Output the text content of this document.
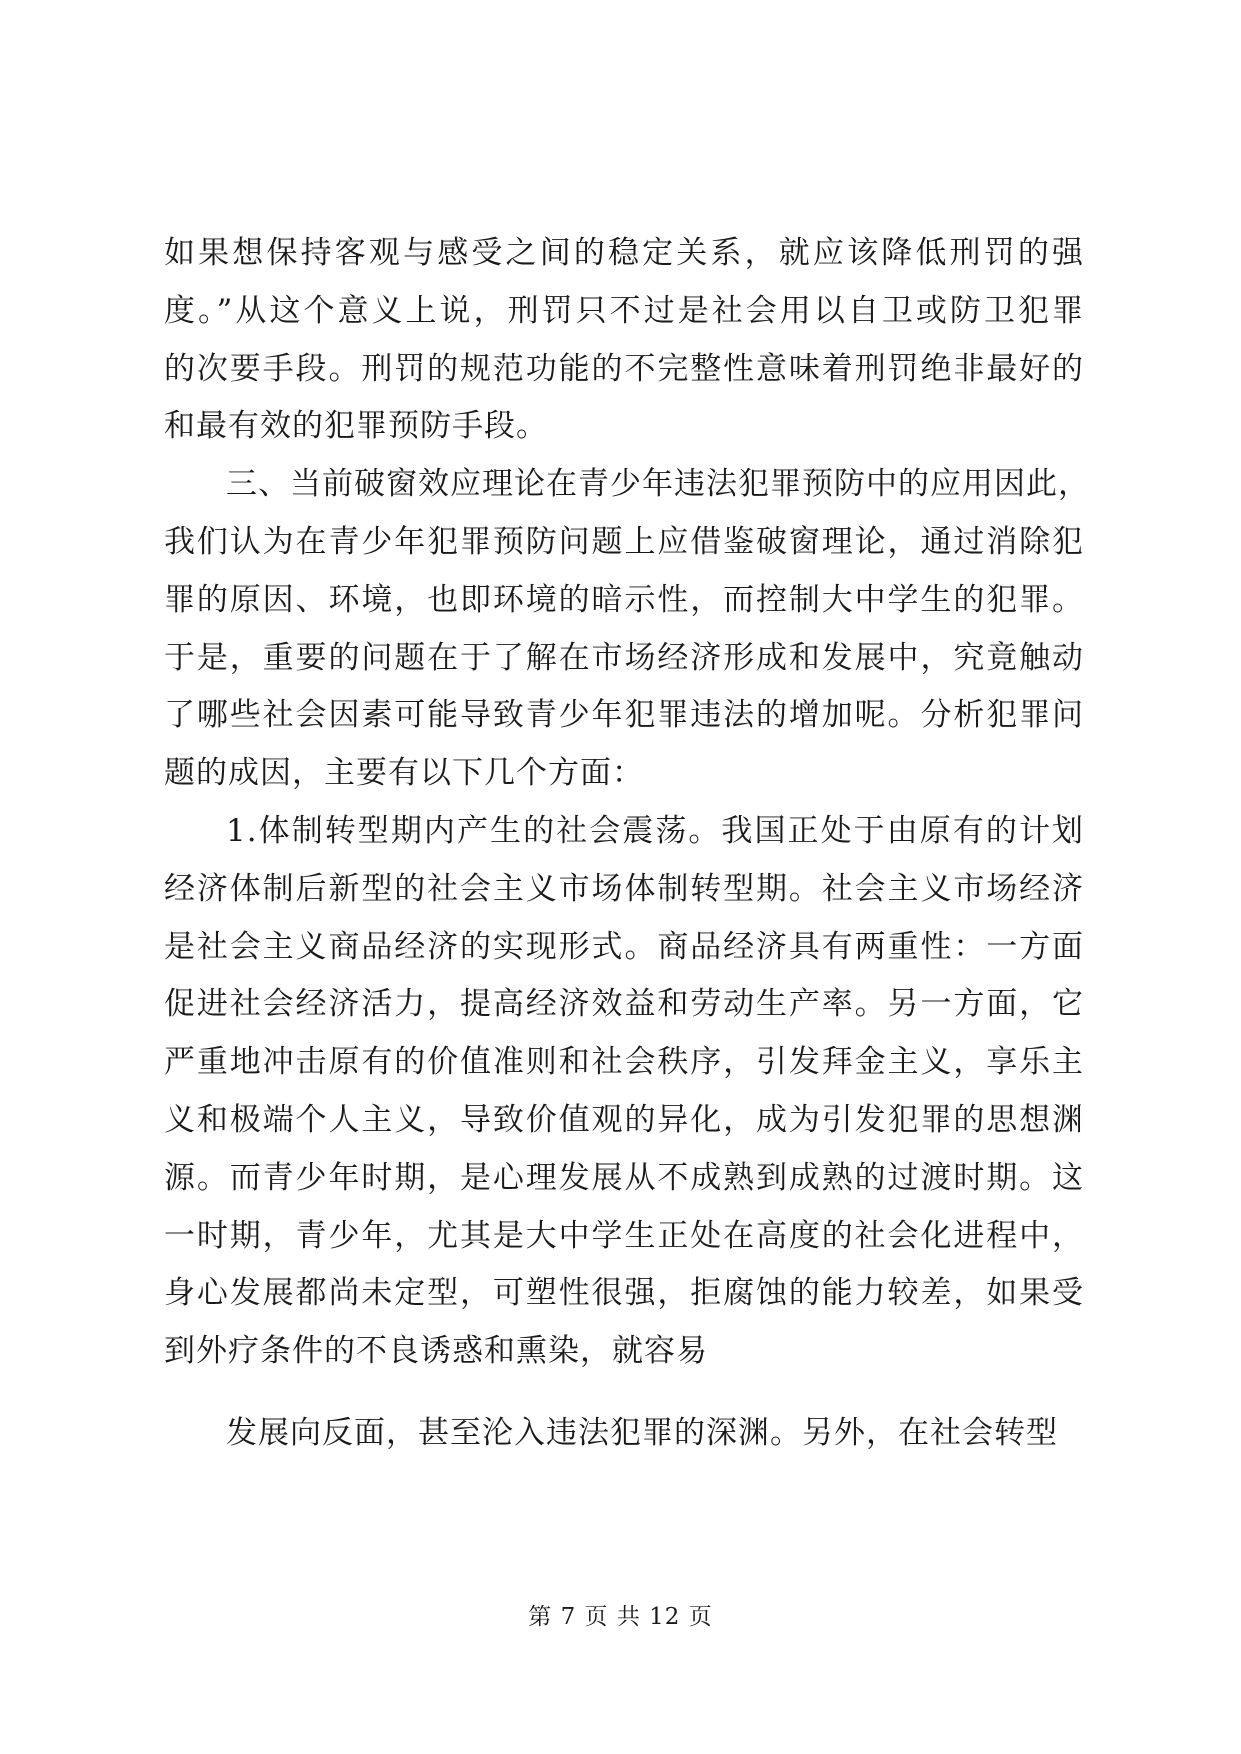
如果想保持客观与感受之间的稳定关系，就应该降低刑罚的强
度。”从这个意义上说，刑罚只不过是社会用以自卫或防卫犯罪
的次要手段。刑罚的规范功能的不完整性意味着刑罚绝非最好的
和最有效的犯罪预防手段。
三、当前破窗效应理论在青少年违法犯罪预防中的应用因此，
我们认为在青少年犯罪预防问题上应借鉴破窗理论，通过消除犯
罪的原因、环境，也即环境的暗示性，而控制大中学生的犯罪。
于是，重要的问题在于了解在市场经济形成和发展中，究竟触动
了哪些社会因素可能导致青少年犯罪违法的增加呢。分析犯罪问
题的成因，主要有以下几个方面：
1.体制转型期内产生的社会震荡。我国正处于由原有的计划
经济体制后新型的社会主义市场体制转型期。社会主义市场经济
是社会主义商品经济的实现形式。商品经济具有两重性：一方面
促进社会经济活力，提高经济效益和劳动生产率。另一方面，它
严重地冲击原有的价值准则和社会秩序，引发拜金主义，享乐主
义和极端个人主义，导致价值观的异化，成为引发犯罪的思想渊
源。而青少年时期，是心理发展从不成熟到成熟的过渡时期。这
一时期，青少年，尤其是大中学生正处在高度的社会化进程中，
身心发展都尚未定型，可塑性很强，拒腐蚀的能力较差，如果受
到外疗条件的不良诱惑和熏染，就容易
发展向反面，甚至沦入违法犯罪的深渊。另外，在社会转型
第 7 页 共 12 页
